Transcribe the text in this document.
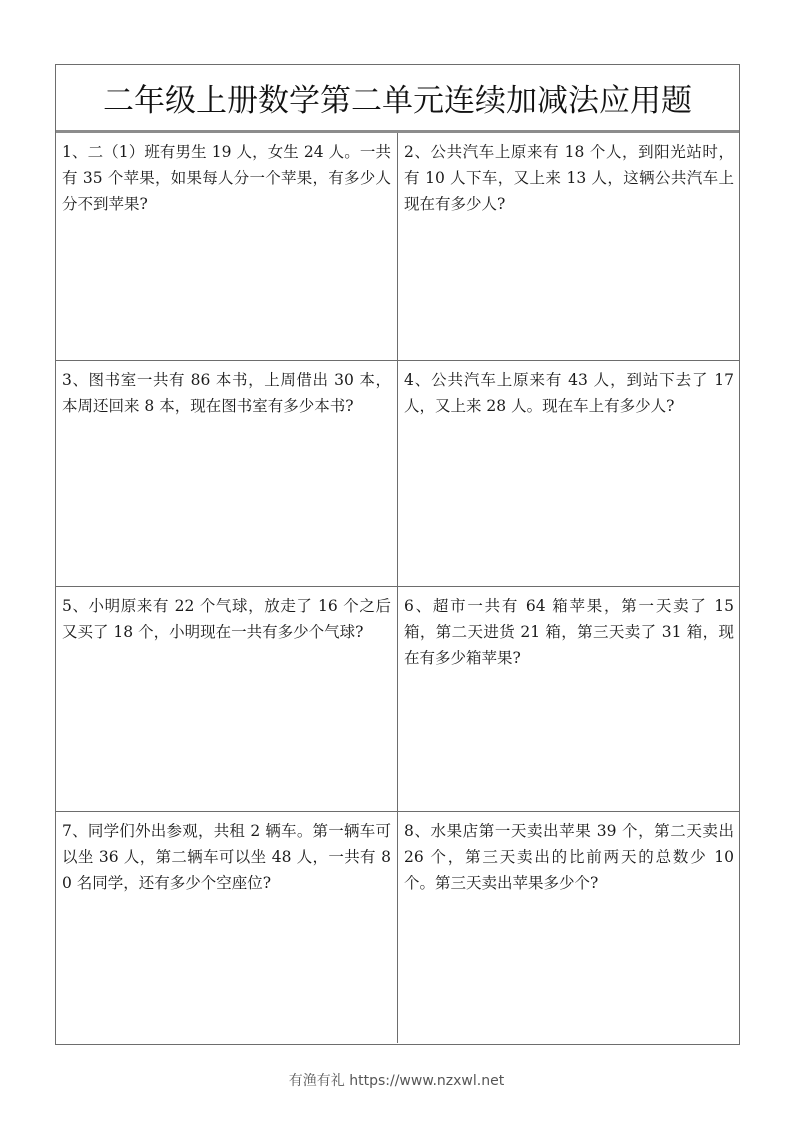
二年级上册数学第二单元连续加减法应用题
1、二（1）班有男生 19 人，女生 24 人。一共有 35 个苹果，如果每人分一个苹果，有多少人分不到苹果?
2、公共汽车上原来有 18 个人，到阳光站时，有 10 人下车，又上来 13 人，这辆公共汽车上现在有多少人?
3、图书室一共有 86 本书，上周借出 30 本，本周还回来 8 本，现在图书室有多少本书?
4、公共汽车上原来有 43 人，到站下去了 17 人，又上来 28 人。现在车上有多少人?
5、小明原来有 22 个气球，放走了 16 个之后又买了 18 个，小明现在一共有多少个气球?
6、超市一共有 64 箱苹果，第一天卖了 15 箱，第二天进货 21 箱，第三天卖了 31 箱，现在有多少箱苹果?
7、同学们外出参观，共租 2 辆车。第一辆车可以坐 36 人，第二辆车可以坐 48 人，一共有 80 名同学，还有多少个空座位?
8、水果店第一天卖出苹果 39 个，第二天卖出 26 个，第三天卖出的比前两天的总数少 10 个。第三天卖出苹果多少个?
有渔有礼 https://www.nzxwl.net
